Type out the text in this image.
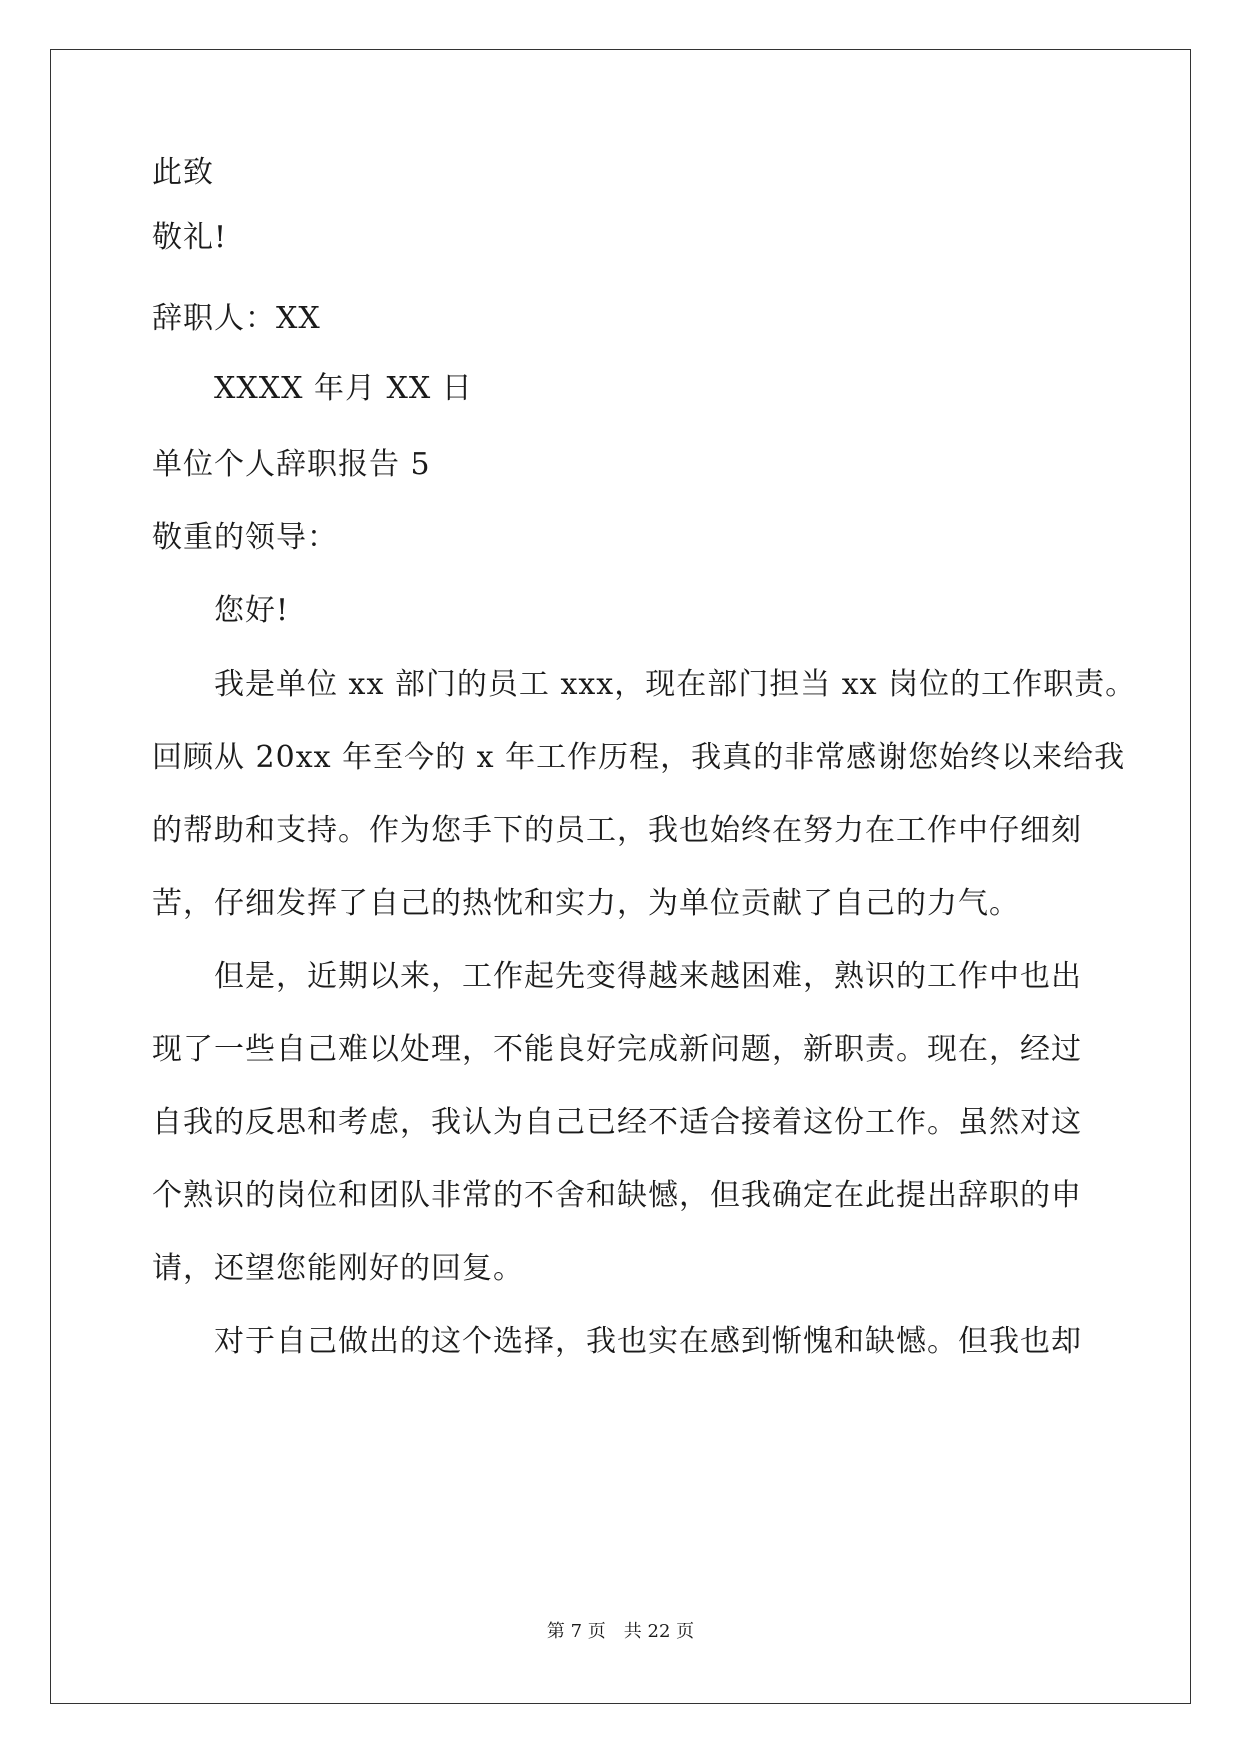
此致

敬礼!

辞职人：XX

XXXX 年月 XX 日

单位个人辞职报告 5

敬重的领导：

您好!

我是单位 xx 部门的员工 xxx，现在部门担当 xx 岗位的工作职责。

回顾从 20xx 年至今的 x 年工作历程，我真的非常感谢您始终以来给我

的帮助和支持。作为您手下的员工，我也始终在努力在工作中仔细刻

苦，仔细发挥了自己的热忱和实力，为单位贡献了自己的力气。

但是，近期以来，工作起先变得越来越困难，熟识的工作中也出

现了一些自己难以处理，不能良好完成新问题，新职责。现在，经过

自我的反思和考虑，我认为自己已经不适合接着这份工作。虽然对这

个熟识的岗位和团队非常的不舍和缺憾，但我确定在此提出辞职的申

请，还望您能刚好的回复。

对于自己做出的这个选择，我也实在感到惭愧和缺憾。但我也却

第 7 页 共 22 页
